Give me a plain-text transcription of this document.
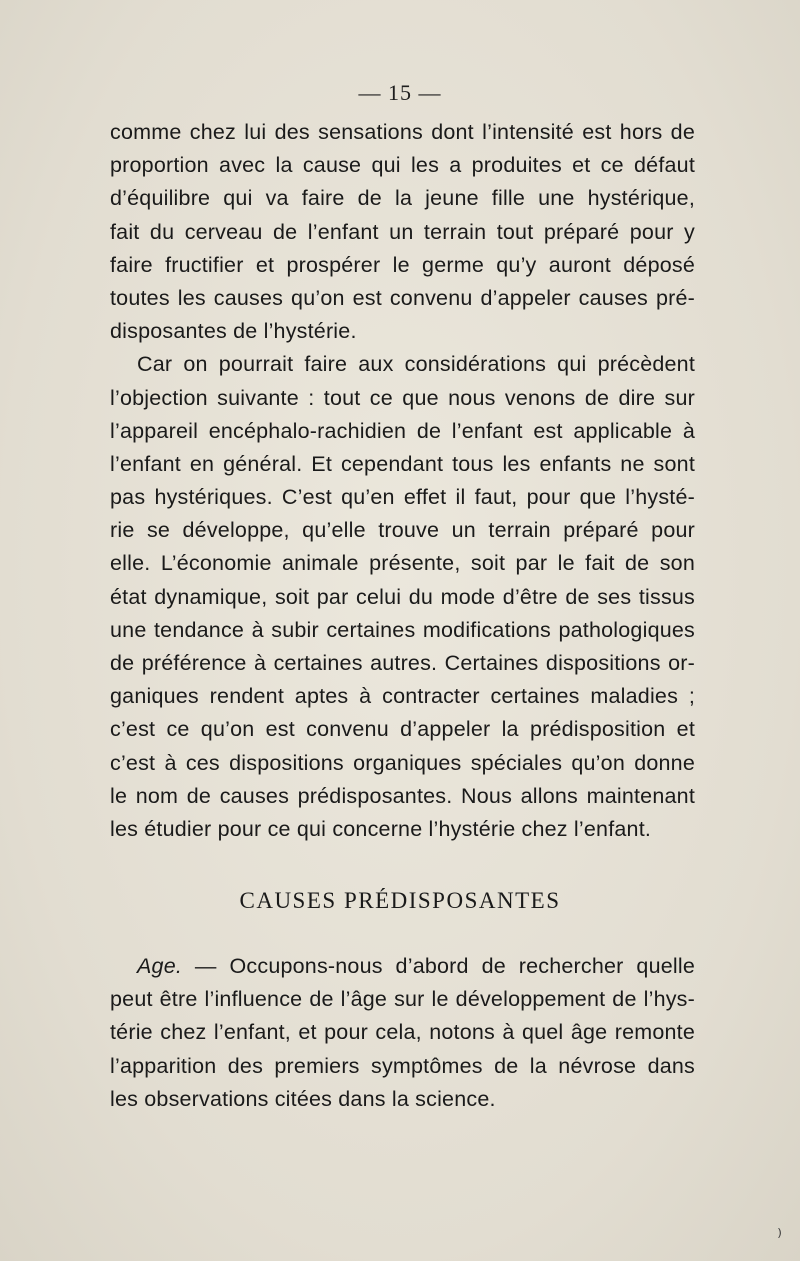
— 15 —
comme chez lui des sensations dont l’intensité est hors de
proportion avec la cause qui les a produites et ce défaut
d’équilibre qui va faire de la jeune fille une hystérique,
fait du cerveau de l’enfant un terrain tout préparé pour y
faire fructifier et prospérer le germe qu’y auront déposé
toutes les causes qu’on est convenu d’appeler causes pré-
disposantes de l’hystérie.
Car on pourrait faire aux considérations qui précèdent
l’objection suivante : tout ce que nous venons de dire sur
l’appareil encéphalo-rachidien de l’enfant est applicable à
l’enfant en général. Et cependant tous les enfants ne sont
pas hystériques. C’est qu’en effet il faut, pour que l’hysté-
rie se développe, qu’elle trouve un terrain préparé pour
elle. L’économie animale présente, soit par le fait de son
état dynamique, soit par celui du mode d’être de ses tissus
une tendance à subir certaines modifications pathologiques
de préférence à certaines autres. Certaines dispositions or-
ganiques rendent aptes à contracter certaines maladies ;
c’est ce qu’on est convenu d’appeler la prédisposition et
c’est à ces dispositions organiques spéciales qu’on donne
le nom de causes prédisposantes. Nous allons maintenant
les étudier pour ce qui concerne l’hystérie chez l’enfant.
CAUSES PRÉDISPOSANTES
Age. — Occupons-nous d’abord de rechercher quelle
peut être l’influence de l’âge sur le développement de l’hys-
térie chez l’enfant, et pour cela, notons à quel âge remonte
l’apparition des premiers symptômes de la névrose dans
les observations citées dans la science.
⁾
